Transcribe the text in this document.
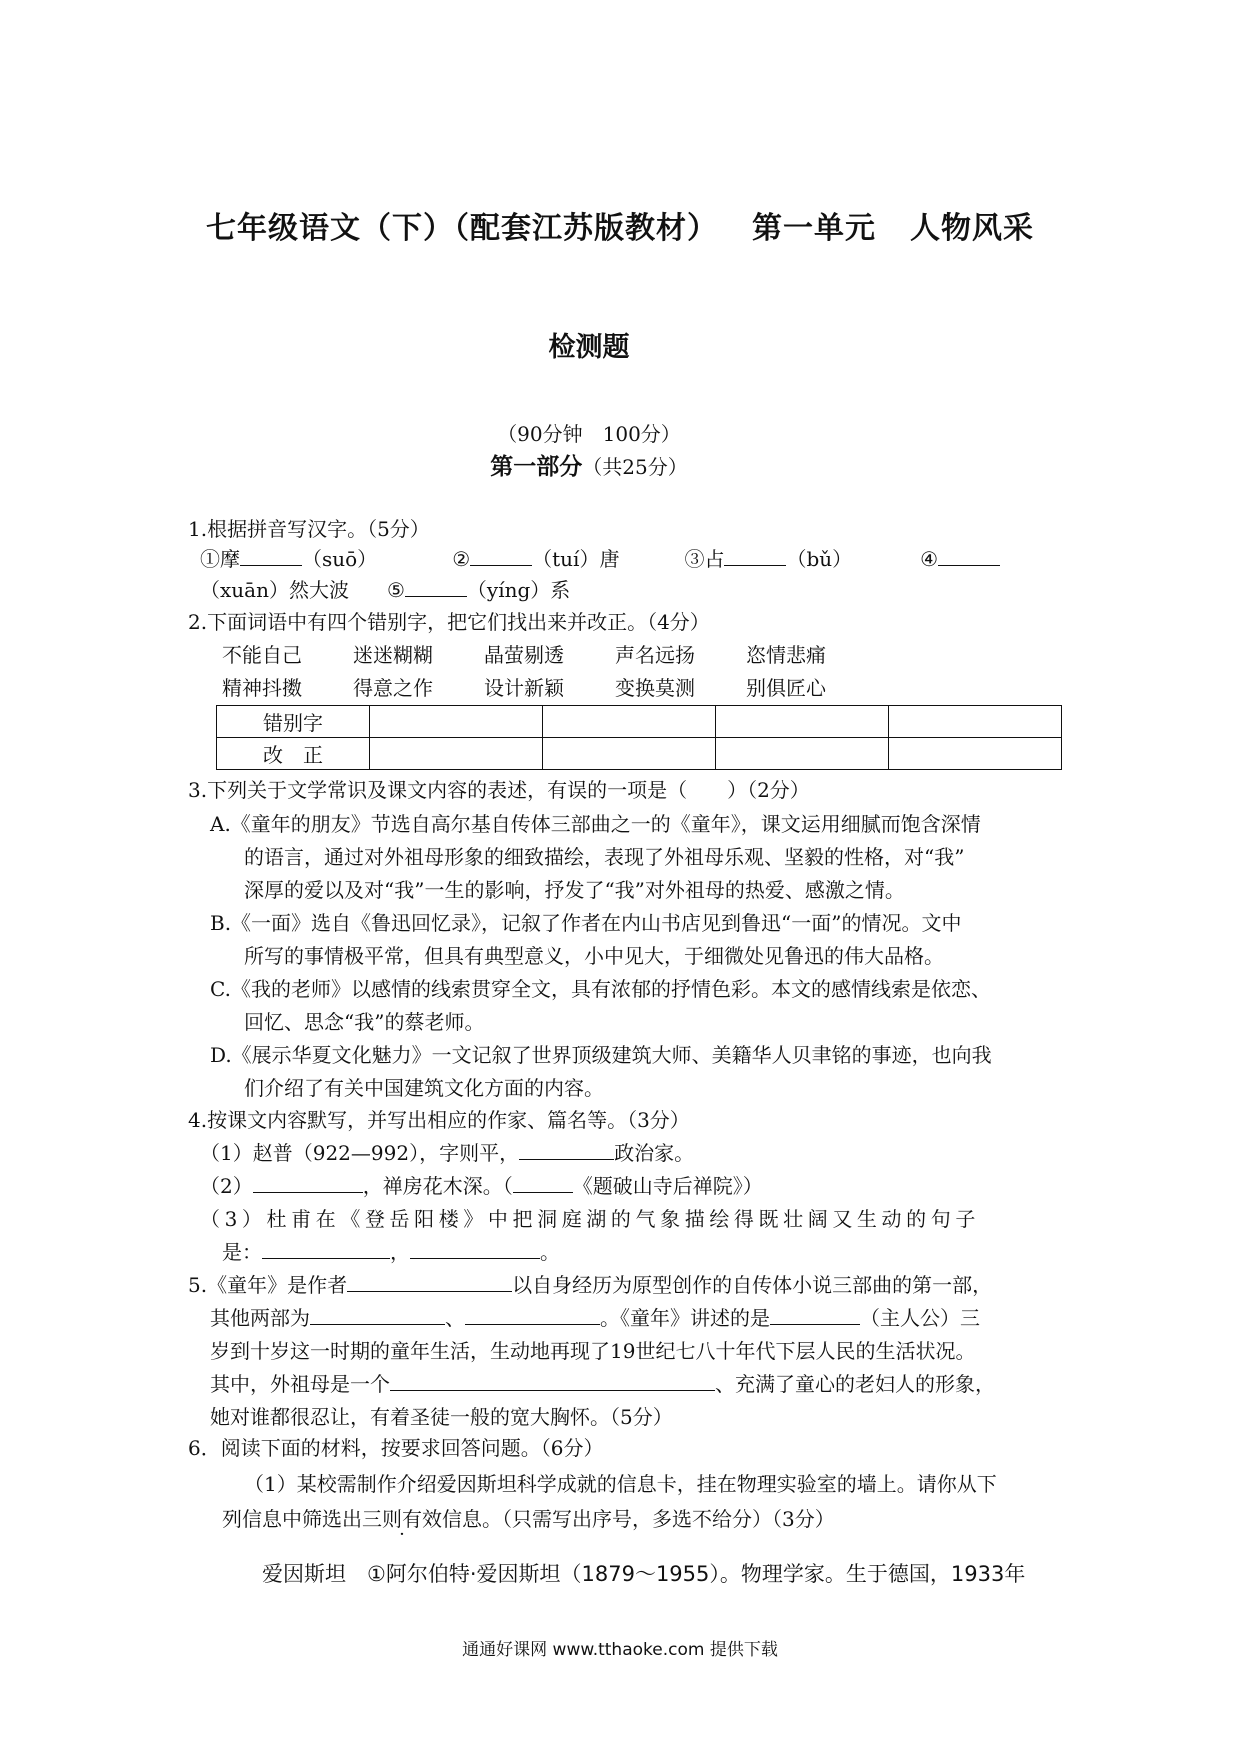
七年级语文（下）（配套江苏版教材） 第一单元 人物风采
检测题
（90分钟　100分）
第一部分（共25分）
1.根据拼音写汉字。（5分）
①摩	（suō）	②	（tuí）唐	③占	（bǔ）	④
（xuān）然大波 ⑤	（yíng）系
2.下面词语中有四个错别字，把它们找出来并改正。（4分）
不能自己	迷迷糊糊	晶萤剔透	声名远扬	恣情悲痛
精神抖擞	得意之作	设计新颖	变换莫测	别俱匠心
错别字				
改　正				
3.下列关于文学常识及课文内容的表述，有误的一项是（　　）（2分）
A.《童年的朋友》节选自高尔基自传体三部曲之一的《童年》，课文运用细腻而饱含深情
的语言，通过对外祖母形象的细致描绘，表现了外祖母乐观、坚毅的性格，对“我”
深厚的爱以及对“我”一生的影响，抒发了“我”对外祖母的热爱、感激之情。
B.《一面》选自《鲁迅回忆录》，记叙了作者在内山书店见到鲁迅“一面”的情况。文中
所写的事情极平常，但具有典型意义，小中见大，于细微处见鲁迅的伟大品格。
C.《我的老师》以感情的线索贯穿全文，具有浓郁的抒情色彩。本文的感情线索是依恋、
回忆、思念“我”的蔡老师。
D.《展示华夏文化魅力》一文记叙了世界顶级建筑大师、美籍华人贝聿铭的事迹，也向我
们介绍了有关中国建筑文化方面的内容。
4.按课文内容默写，并写出相应的作家、篇名等。（3分）
（1）赵普（922—992），字则平，	政治家。
（2）	，禅房花木深。（	《题破山寺后禅院》）
（3）杜甫在《登岳阳楼》中把洞庭湖的气象描绘得既壮阔又生动的句子
是：	，	。
5.《童年》是作者	以自身经历为原型创作的自传体小说三部曲的第一部，
其他两部为	、	。《童年》讲述的是	（主人公）三
岁到十岁这一时期的童年生活，生动地再现了19世纪七八十年代下层人民的生活状况。
其中，外祖母是一个	、充满了童心的老妇人的形象，
她对谁都很忍让，有着圣徒一般的宽大胸怀。（5分）
6．阅读下面的材料，按要求回答问题。（6分）
（1）某校需制作介绍爱因斯坦科学成就的信息卡，挂在物理实验室的墙上。请你从下
列信息中筛选出三则有效信息。（只需写出序号，多选不给分）（3分）
爱因斯坦　①阿尔伯特·爱因斯坦（1879～1955）。物理学家。生于德国，1933年
通通好课网 www.tthaoke.com 提供下载
